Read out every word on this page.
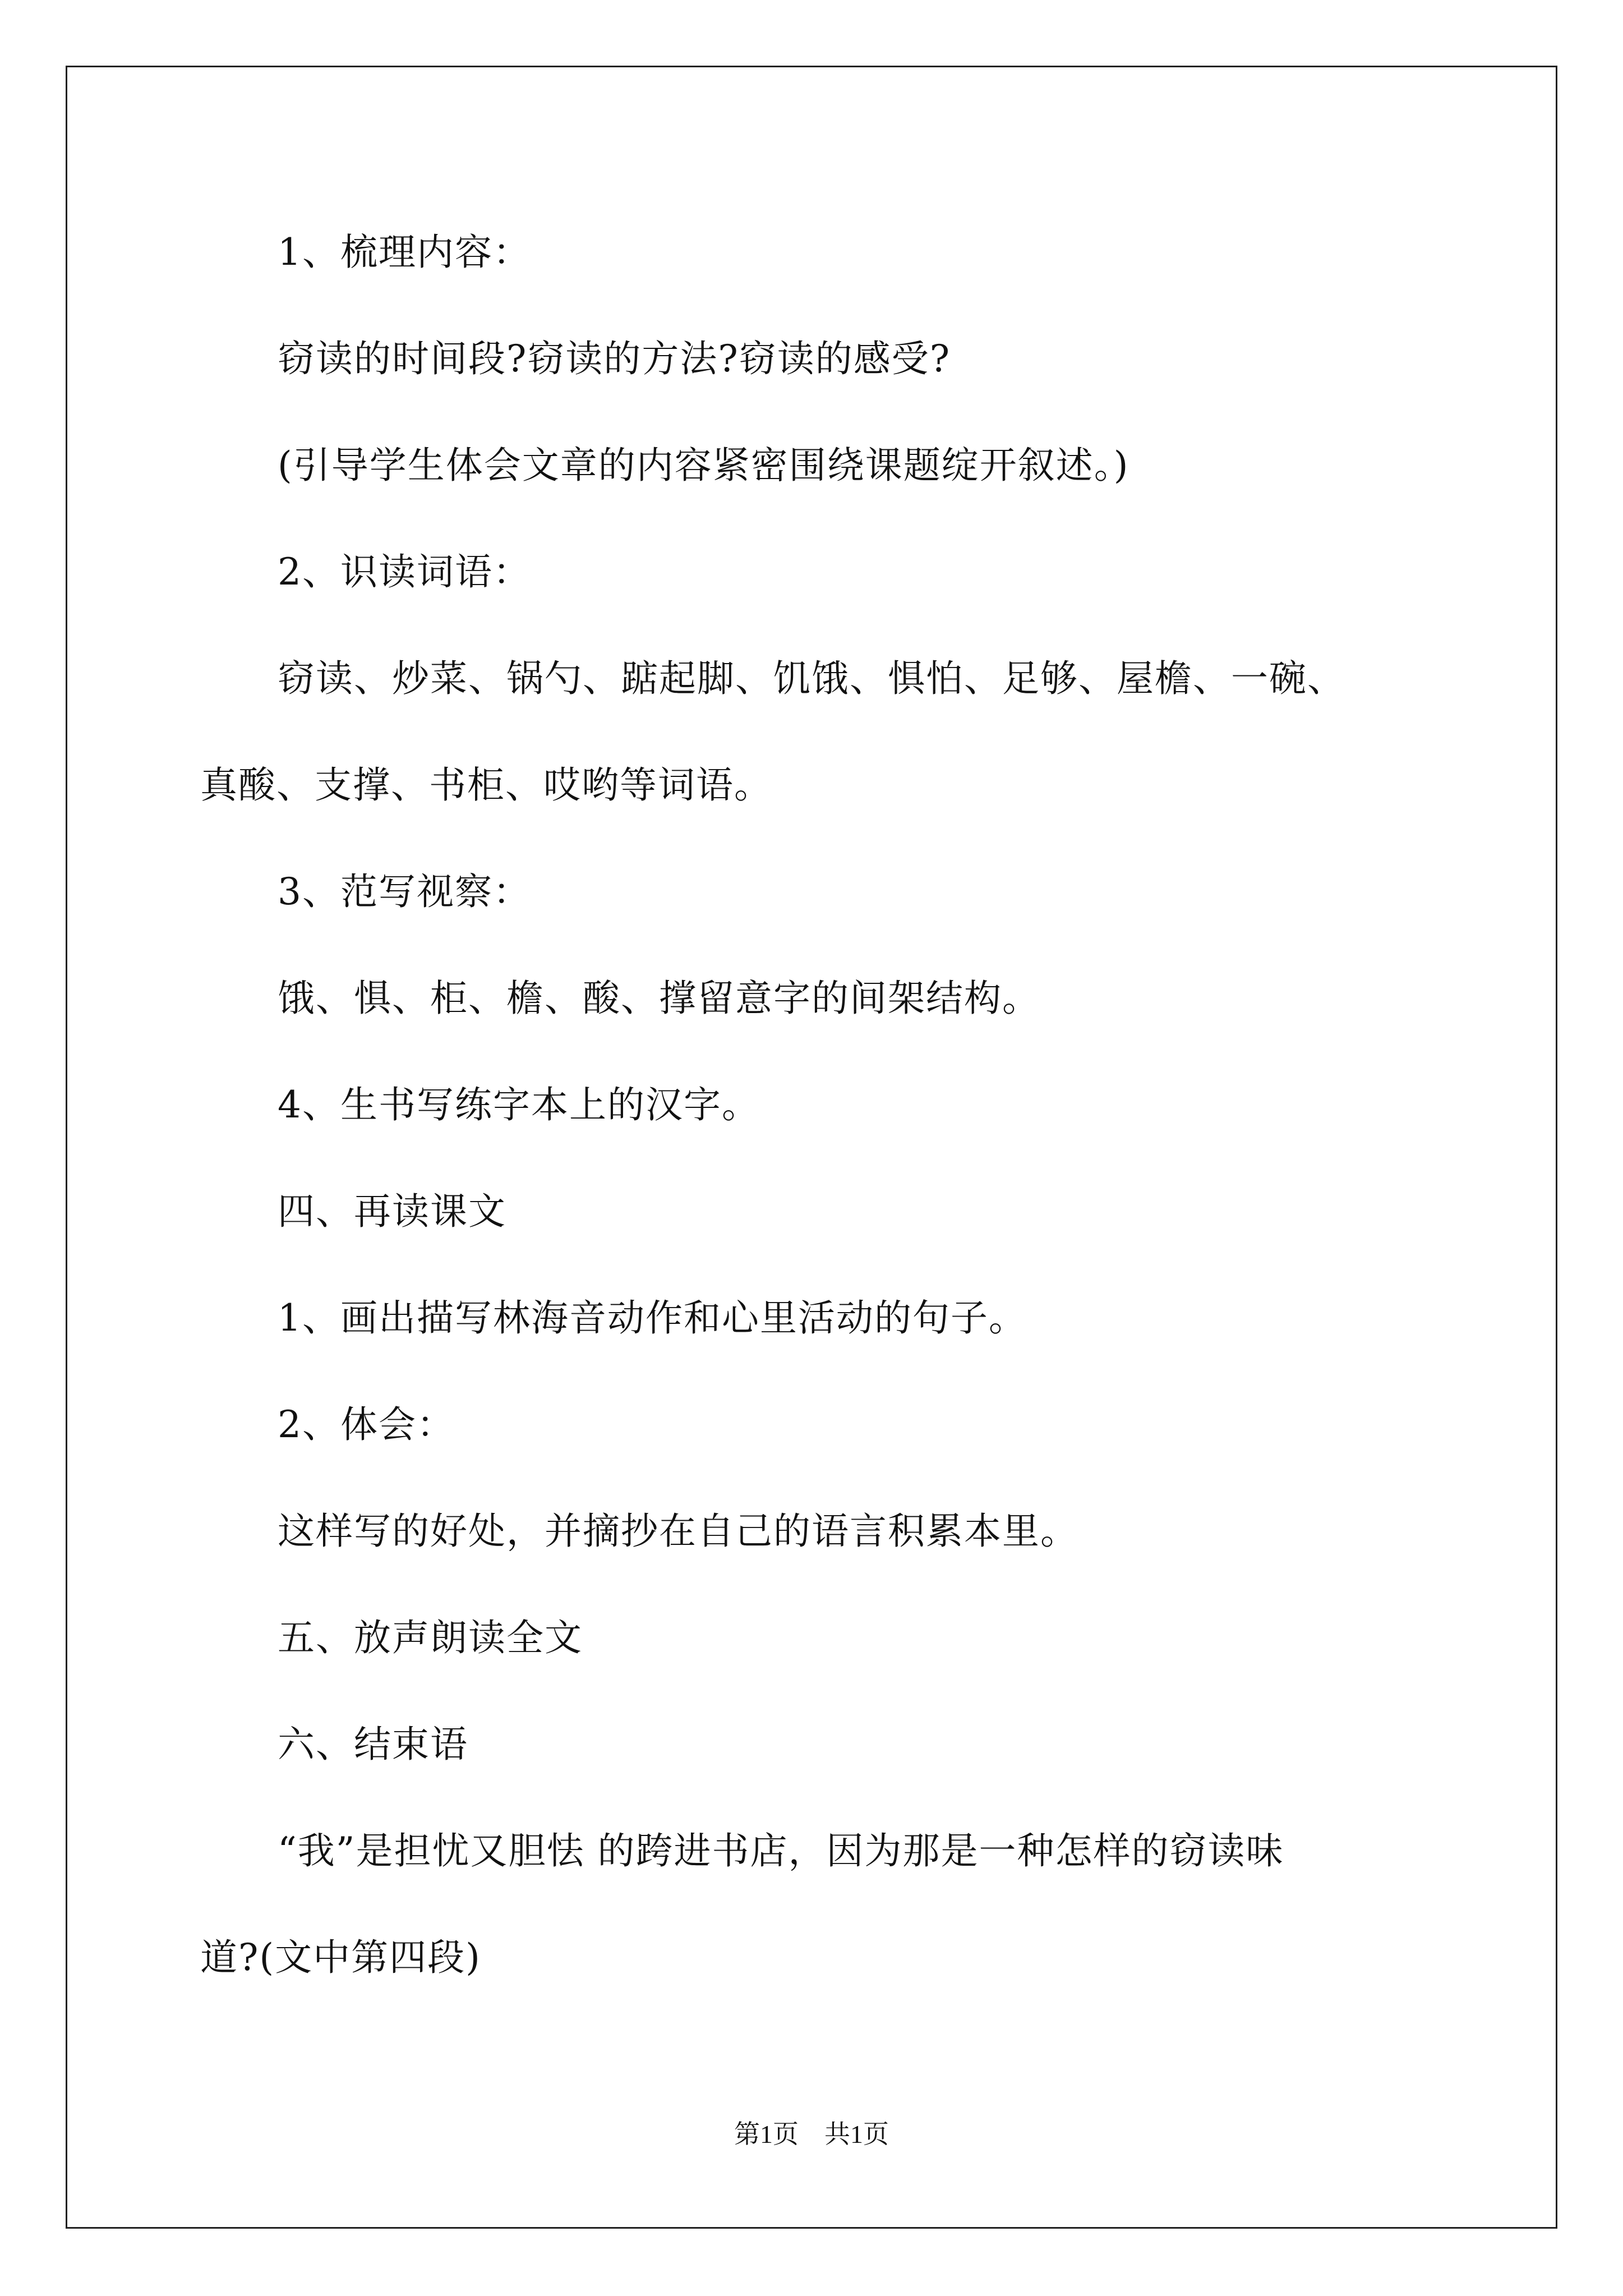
1、梳理内容：
窃读的时间段?窃读的方法?窃读的感受?
(引导学生体会文章的内容紧密围绕课题绽开叙述。)
2、识读词语：
窃读、炒菜、锅勺、踮起脚、饥饿、惧怕、足够、屋檐、一碗、
真酸、支撑、书柜、哎哟等词语。
3、范写视察：
饿、惧、柜、檐、酸、撑留意字的间架结构。
4、生书写练字本上的汉字。
四、再读课文
1、画出描写林海音动作和心里活动的句子。
2、体会：
这样写的好处，并摘抄在自己的语言积累本里。
五、放声朗读全文
六、结束语
“我”是担忧又胆怯 的跨进书店，因为那是一种怎样的窃读味
道?(文中第四段)
第1页　共1页
